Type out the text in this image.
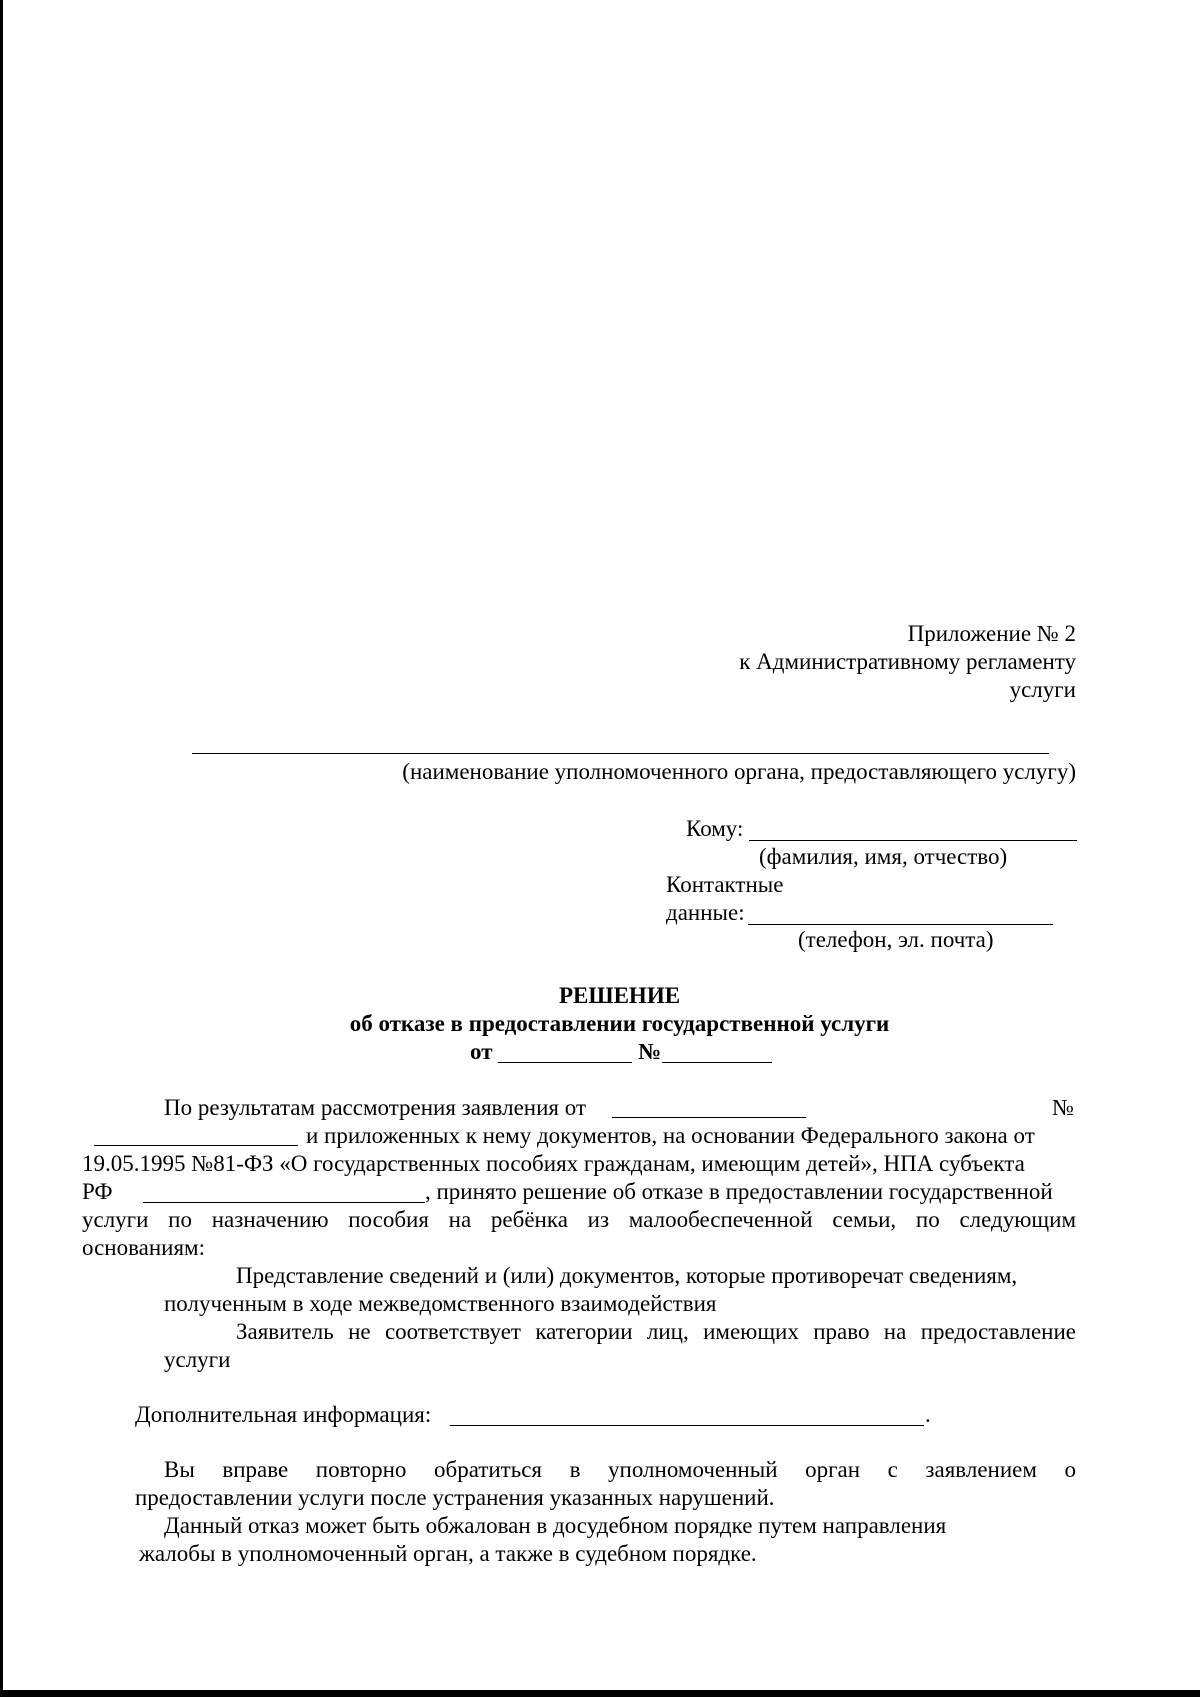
Приложение № 2
к Административному регламенту
услуги
(наименование уполномоченного органа, предоставляющего услугу)
Кому:
(фамилия, имя, отчество)
Контактные
данные:
(телефон, эл. почта)
РЕШЕНИЕ
об отказе в предоставлении государственной услуги
от	№
По результатам рассмотрения заявления от	№
и приложенных к нему документов, на основании Федерального закона от
19.05.1995 №81-ФЗ «О государственных пособиях гражданам, имеющим детей», НПА субъекта
РФ	, принято решение об отказе в предоставлении государственной
услуги по назначению пособия на ребёнка из малообеспеченной семьи, по следующим
основаниям:
Представление сведений и (или) документов, которые противоречат сведениям,
полученным в ходе межведомственного взаимодействия
Заявитель не соответствует категории лиц, имеющих право на предоставление
услуги
Дополнительная информация:	.
Вы вправе повторно обратиться в уполномоченный орган с заявлением о
предоставлении услуги после устранения указанных нарушений.
Данный отказ может быть обжалован в досудебном порядке путем направления
жалобы в уполномоченный орган, а также в судебном порядке.
